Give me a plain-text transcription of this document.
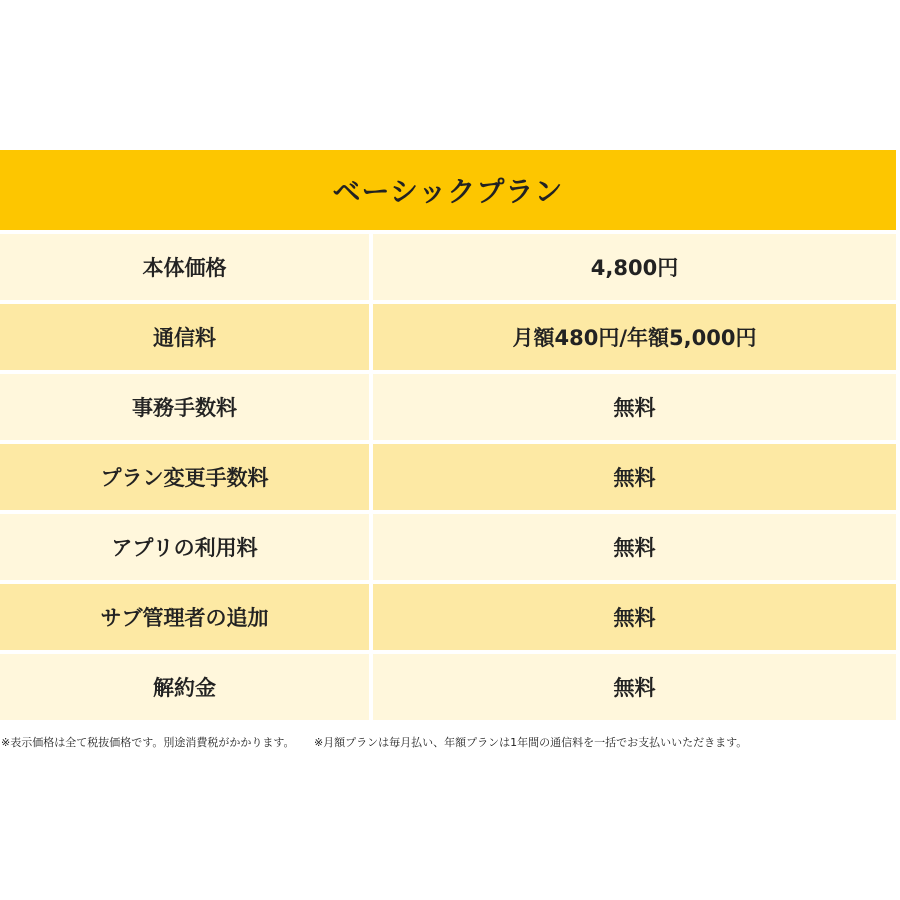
ベーシックプラン
本体価格	4,800円
通信料	月額480円/年額5,000円
事務手数料	無料
プラン変更手数料	無料
アプリの利用料	無料
サブ管理者の追加	無料
解約金	無料
※表示価格は全て税抜価格です。別途消費税がかかります。 ※月額プランは毎月払い、年額プランは1年間の通信料を一括でお支払いいただきます。
